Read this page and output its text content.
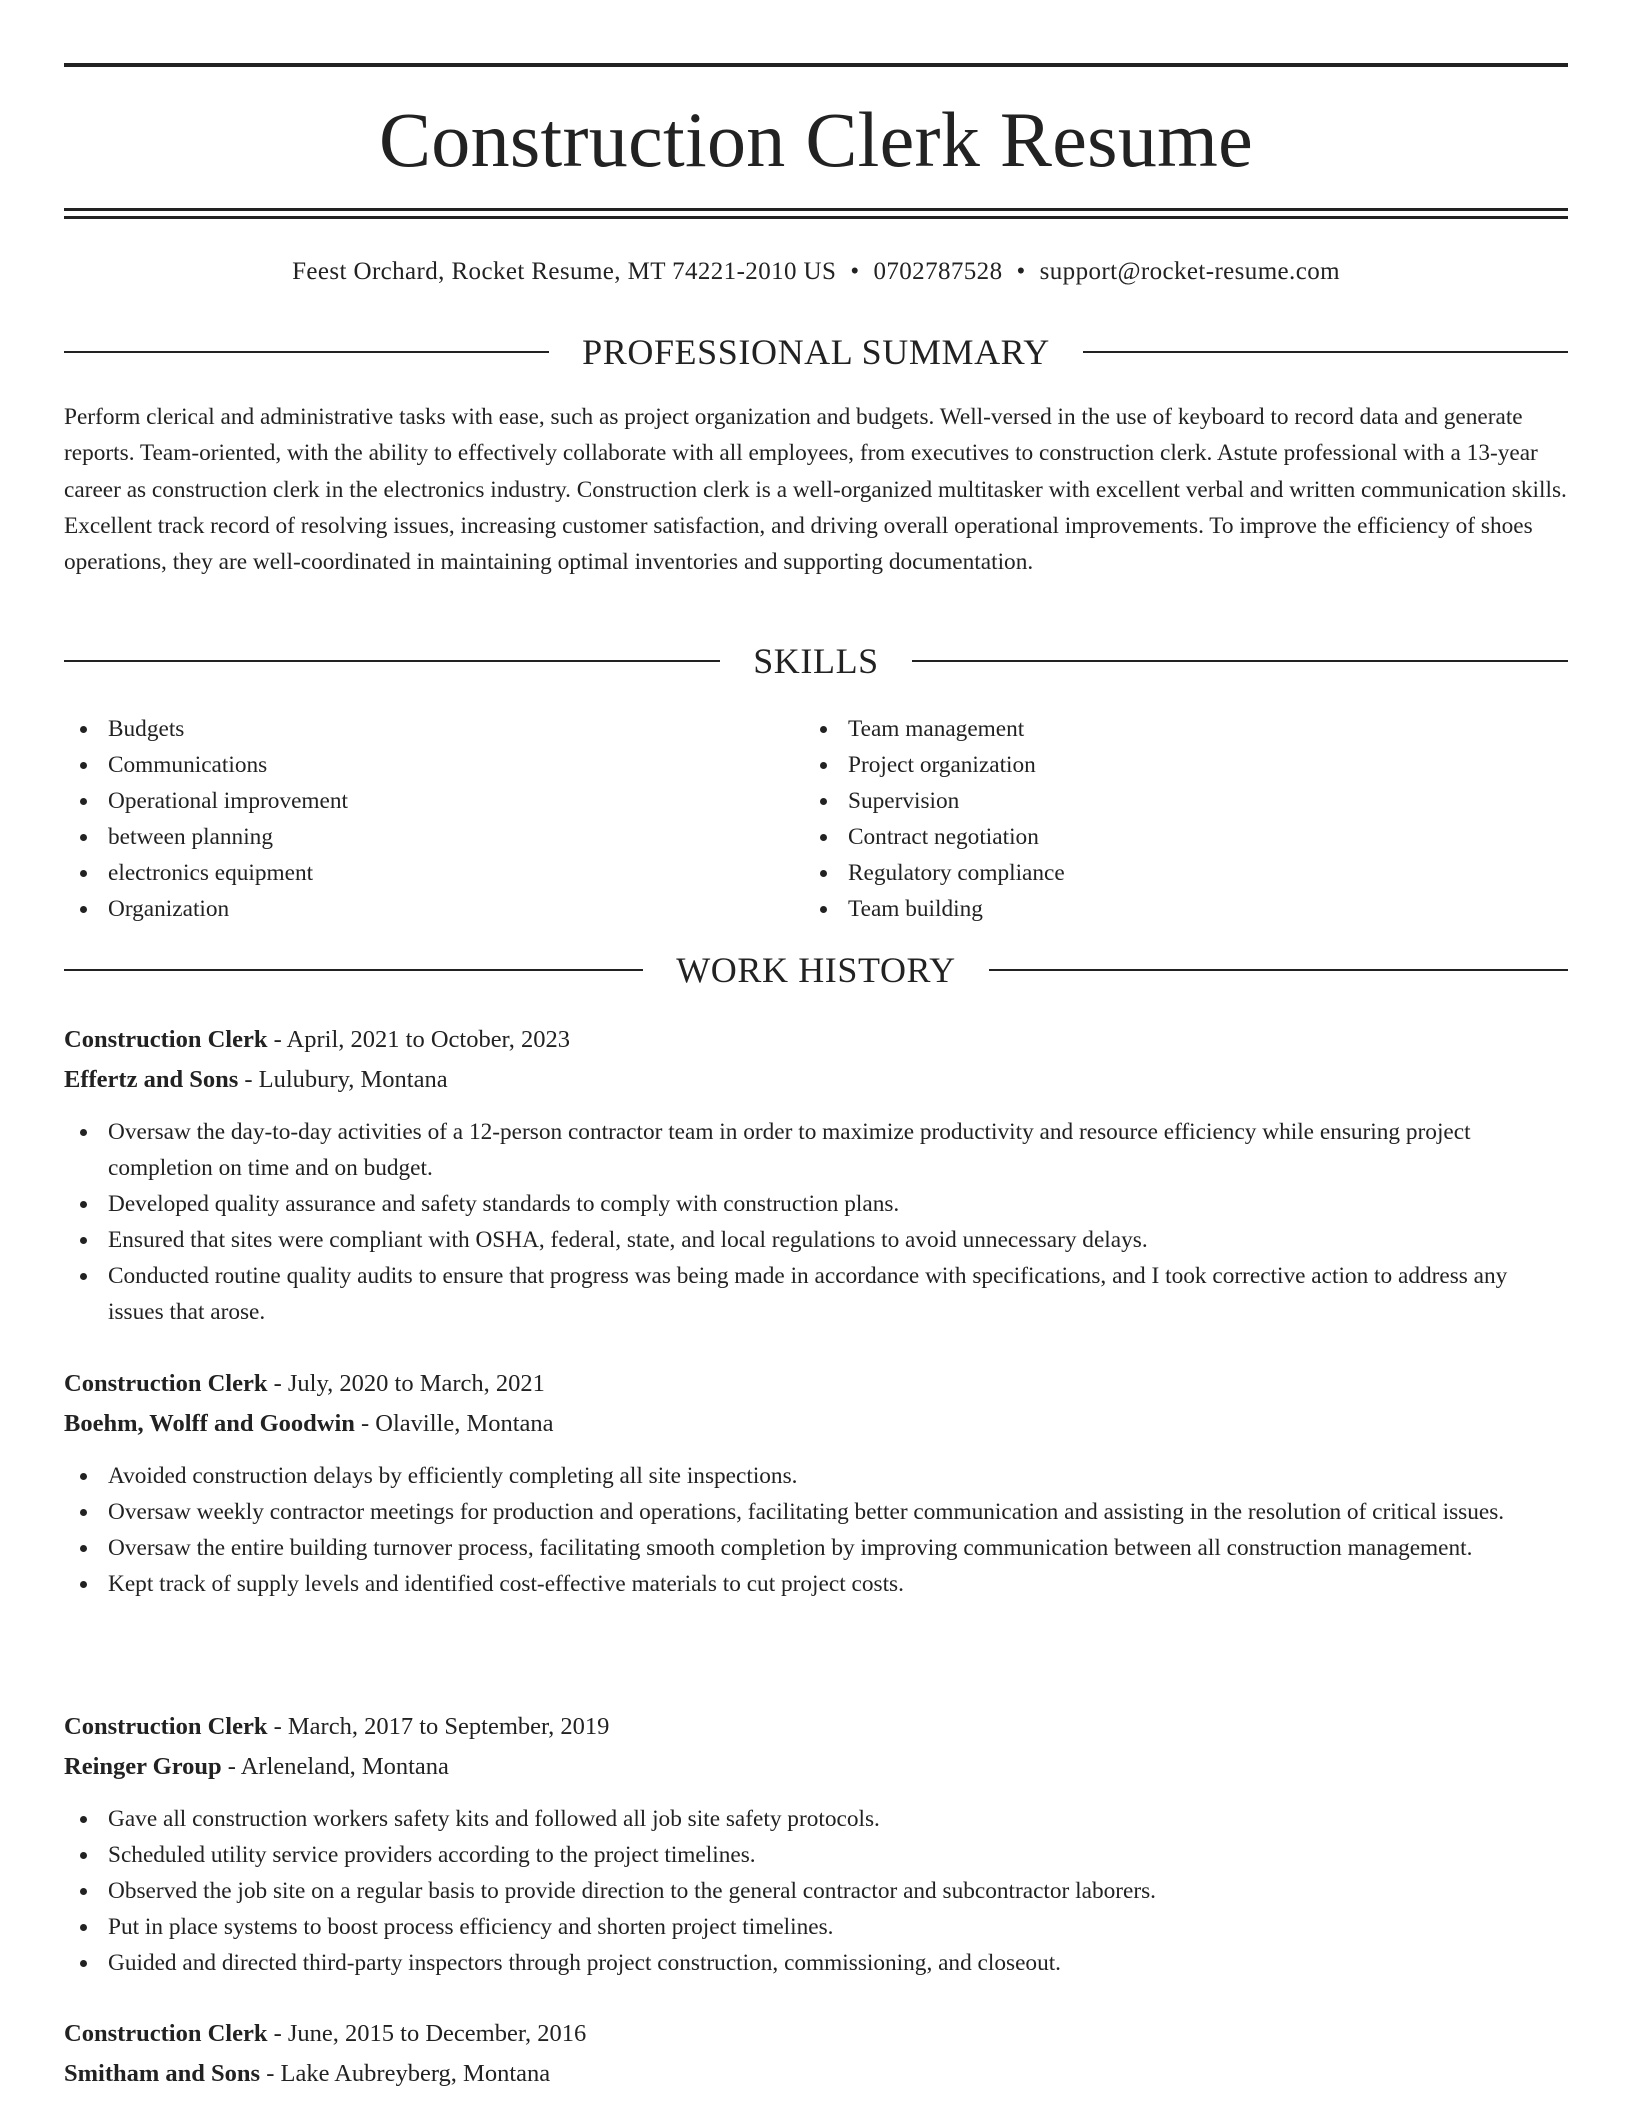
Construction Clerk Resume
Feest Orchard, Rocket Resume, MT 74221-2010 US • 0702787528 • support@rocket-resume.com
PROFESSIONAL SUMMARY

Perform clerical and administrative tasks with ease, such as project organization and budgets. Well-versed in the use of keyboard to record data and generate reports. Team-oriented, with the ability to effectively collaborate with all employees, from executives to construction clerk. Astute professional with a 13-year career as construction clerk in the electronics industry. Construction clerk is a well-organized multitasker with excellent verbal and written communication skills. Excellent track record of resolving issues, increasing customer satisfaction, and driving overall operational improvements. To improve the efficiency of shoes operations, they are well-coordinated in maintaining optimal inventories and supporting documentation.

SKILLS
Budgets
Communications
Operational improvement
between planning
electronics equipment
Organization
Team management
Project organization
Supervision
Contract negotiation
Regulatory compliance
Team building
WORK HISTORY
Construction Clerk - April, 2021 to October, 2023
Effertz and Sons - Lulubury, Montana
Oversaw the day-to-day activities of a 12-person contractor team in order to maximize productivity and resource efficiency while ensuring project completion on time and on budget.
Developed quality assurance and safety standards to comply with construction plans.
Ensured that sites were compliant with OSHA, federal, state, and local regulations to avoid unnecessary delays.
Conducted routine quality audits to ensure that progress was being made in accordance with specifications, and I took corrective action to address any issues that arose.
Construction Clerk - July, 2020 to March, 2021
Boehm, Wolff and Goodwin - Olaville, Montana
Avoided construction delays by efficiently completing all site inspections.
Oversaw weekly contractor meetings for production and operations, facilitating better communication and assisting in the resolution of critical issues.
Oversaw the entire building turnover process, facilitating smooth completion by improving communication between all construction management.
Kept track of supply levels and identified cost-effective materials to cut project costs.
Construction Clerk - March, 2017 to September, 2019
Reinger Group - Arleneland, Montana
Gave all construction workers safety kits and followed all job site safety protocols.
Scheduled utility service providers according to the project timelines.
Observed the job site on a regular basis to provide direction to the general contractor and subcontractor laborers.
Put in place systems to boost process efficiency and shorten project timelines.
Guided and directed third-party inspectors through project construction, commissioning, and closeout.
Construction Clerk - June, 2015 to December, 2016
Smitham and Sons - Lake Aubreyberg, Montana
